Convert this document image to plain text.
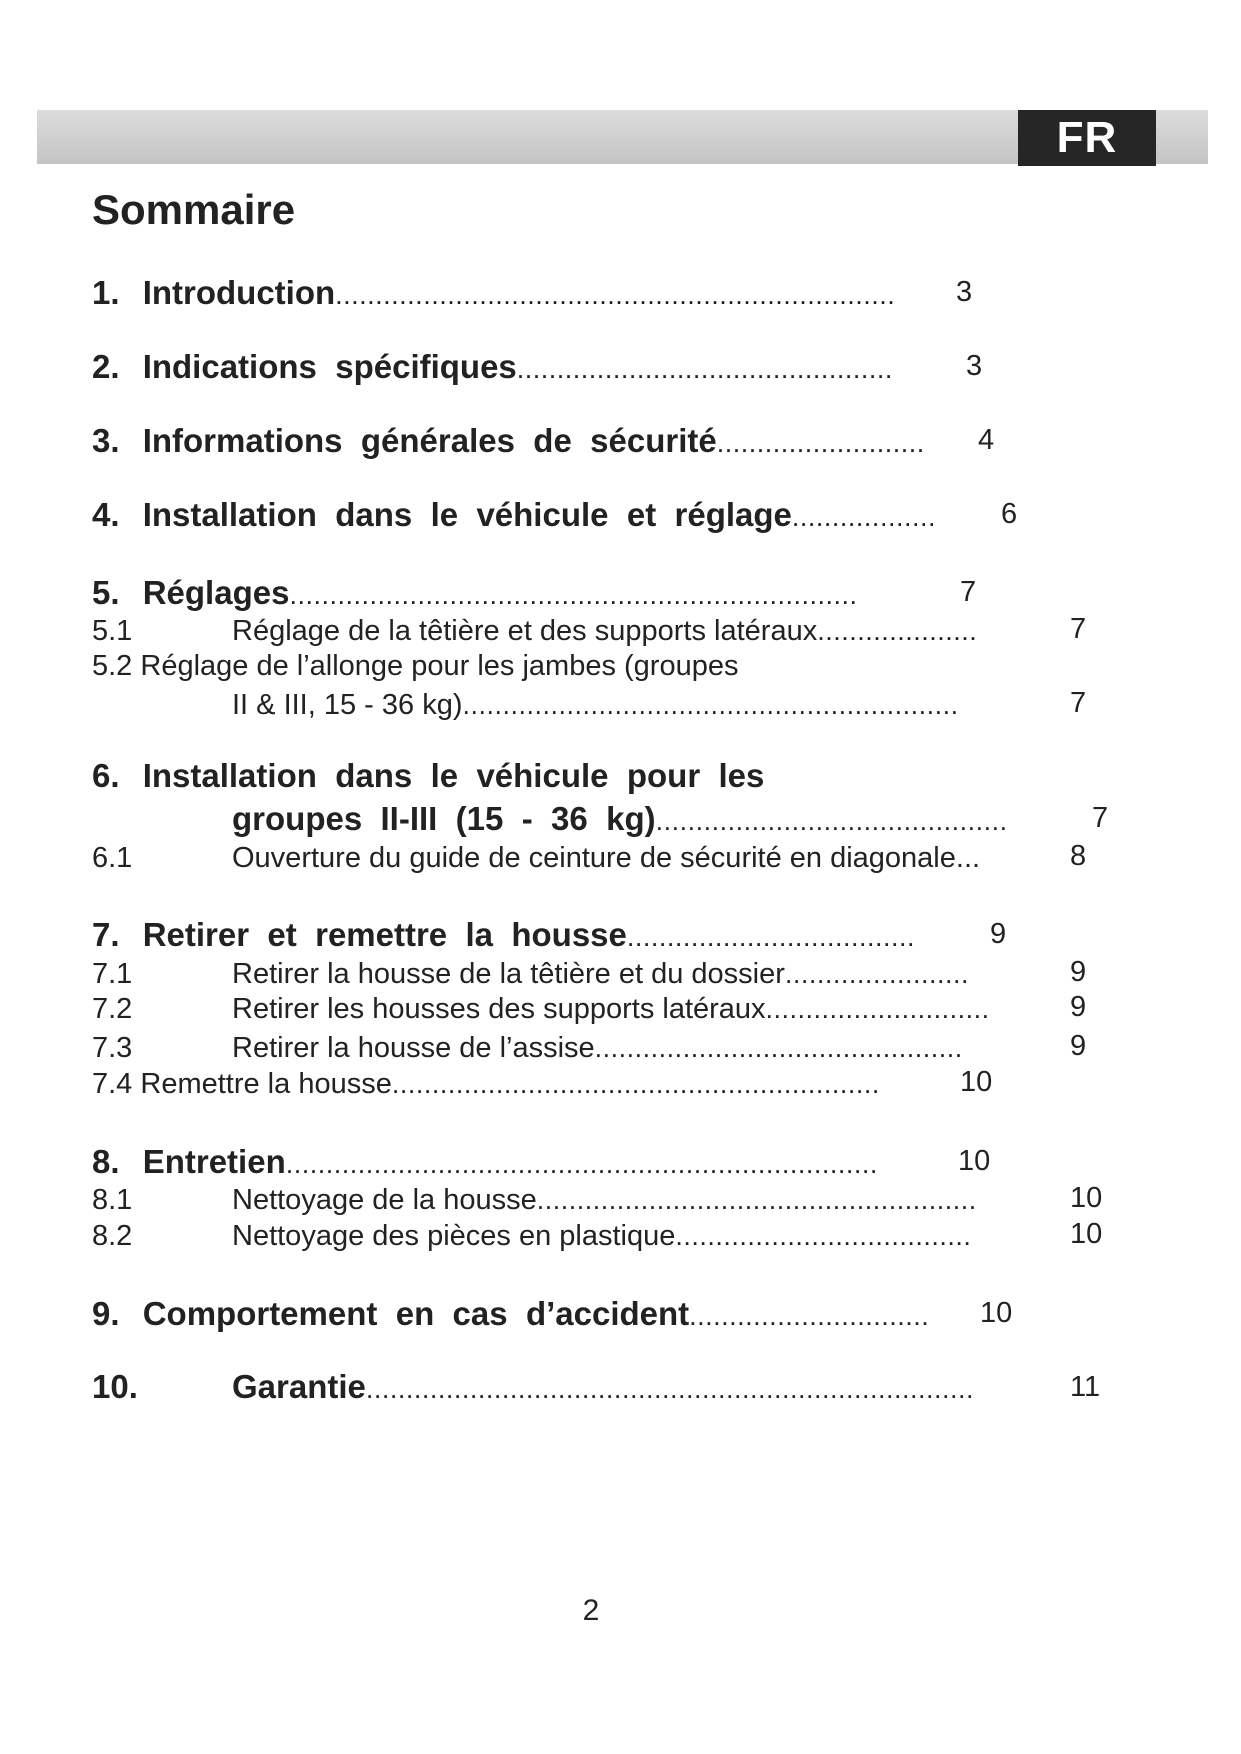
FR
Sommaire
1. Introduction...................................................................... 3
2. Indications  spécifiques...............................................	3
3. Informations  générales  de  sécurité.......................... 4
4. Installation  dans  le  véhicule  et  réglage.................. 6
5. Réglages.......................................................................	7
5.1	Réglage de la têtière et des supports latéraux....................	7
5.2 Réglage de l’allonge pour les jambes (groupes
II & III, 15 - 36 kg)..............................................................	7
6. Installation  dans  le  véhicule  pour  les
groupes  II-III  (15  -  36  kg)............................................	7
6.1	Ouverture du guide de ceinture de sécurité en diagonale...	8
7. Retirer  et  remettre  la  housse....................................	9
7.1	Retirer la housse de la têtière et du dossier.......................	9
7.2	Retirer les housses des supports latéraux............................	9
7.3	Retirer la housse de l’assise..............................................	9
7.4 Remettre la housse.............................................................	10
8. Entretien..........................................................................	10
8.1	Nettoyage de la housse.......................................................	10
8.2	Nettoyage des pièces en plastique.....................................	10
9. Comportement  en  cas  d’accident.............................. 10
10.	Garantie............................................................................	11
2
